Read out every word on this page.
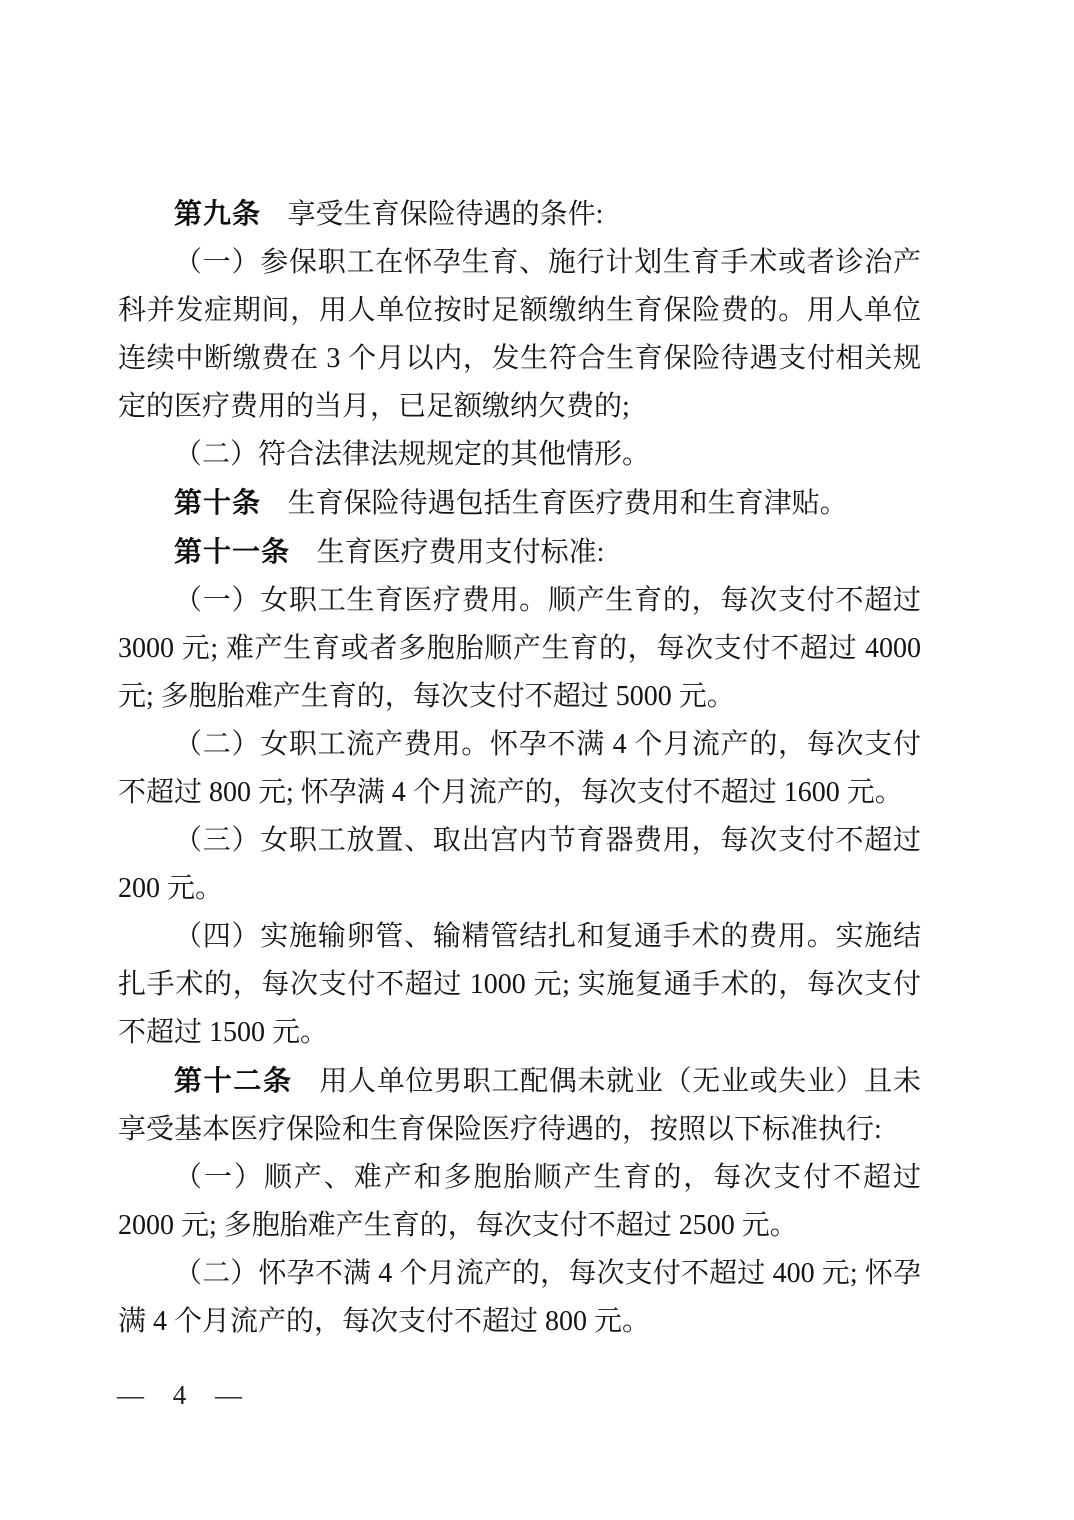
第九条 享受生育保险待遇的条件:

（一）参保职工在怀孕生育、施行计划生育手术或者诊治产科并发症期间，用人单位按时足额缴纳生育保险费的。用人单位连续中断缴费在 3 个月以内，发生符合生育保险待遇支付相关规定的医疗费用的当月，已足额缴纳欠费的;

（二）符合法律法规规定的其他情形。

第十条 生育保险待遇包括生育医疗费用和生育津贴。

第十一条 生育医疗费用支付标准:

（一）女职工生育医疗费用。顺产生育的，每次支付不超过 3000 元; 难产生育或者多胞胎顺产生育的，每次支付不超过 4000 元; 多胞胎难产生育的，每次支付不超过 5000 元。

（二）女职工流产费用。怀孕不满 4 个月流产的，每次支付不超过 800 元; 怀孕满 4 个月流产的，每次支付不超过 1600 元。

（三）女职工放置、取出宫内节育器费用，每次支付不超过 200 元。

（四）实施输卵管、输精管结扎和复通手术的费用。实施结扎手术的，每次支付不超过 1000 元; 实施复通手术的，每次支付不超过 1500 元。

第十二条 用人单位男职工配偶未就业（无业或失业）且未享受基本医疗保险和生育保险医疗待遇的，按照以下标准执行:

（一）顺产、难产和多胞胎顺产生育的，每次支付不超过 2000 元; 多胞胎难产生育的，每次支付不超过 2500 元。

（二）怀孕不满 4 个月流产的，每次支付不超过 400 元; 怀孕满 4 个月流产的，每次支付不超过 800 元。

— 4 —
